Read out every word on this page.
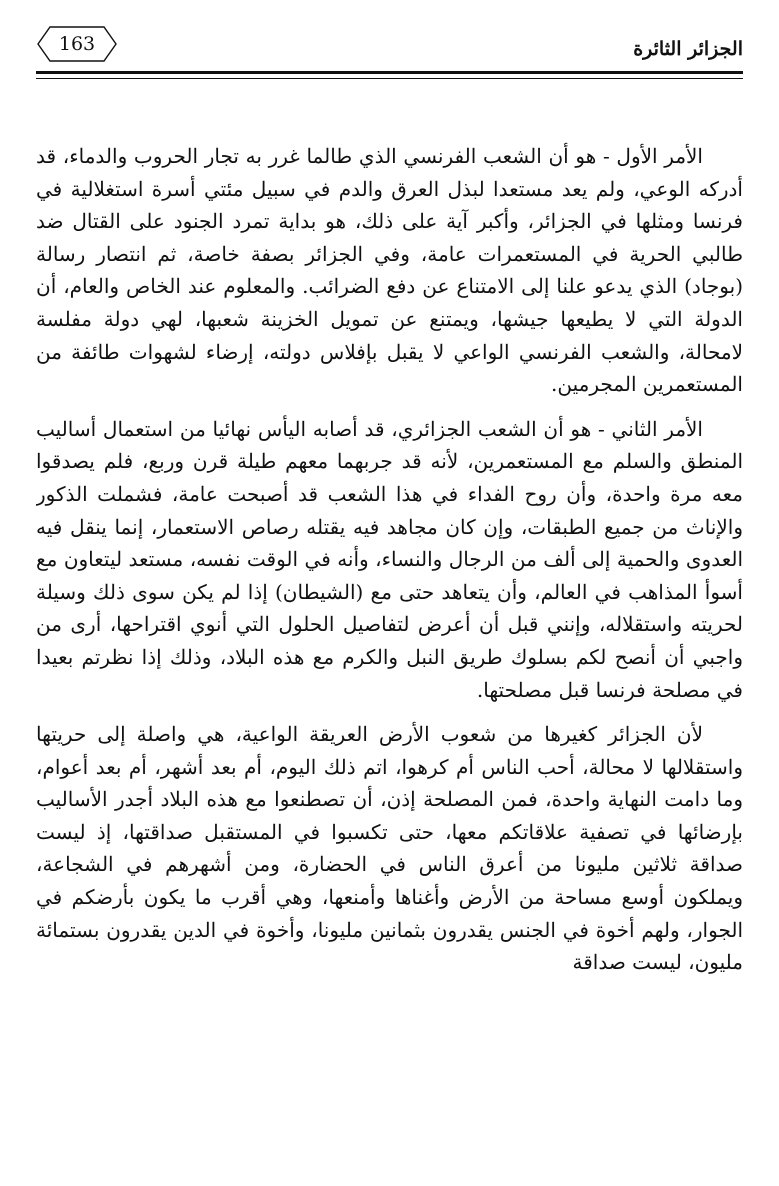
الجزائر الثائرة
163

الأمر الأول - هو أن الشعب الفرنسي الذي طالما غرر به تجار الحروب والدماء، قد أدركه الوعي، ولم يعد مستعدا لبذل العرق والدم في سبيل مئتي أسرة استغلالية في فرنسا ومثلها في الجزائر، وأكبر آية على ذلك، هو بداية تمرد الجنود على القتال ضد طالبي الحرية في المستعمرات عامة، وفي الجزائر بصفة خاصة، ثم انتصار رسالة (بوجاد) الذي يدعو علنا إلى الامتناع عن دفع الضرائب. والمعلوم عند الخاص والعام، أن الدولة التي لا يطيعها جيشها، ويمتنع عن تمويل الخزينة شعبها، لهي دولة مفلسة لامحالة، والشعب الفرنسي الواعي لا يقبل بإفلاس دولته، إرضاء لشهوات طائفة من المستعمرين المجرمين.

الأمر الثاني - هو أن الشعب الجزائري، قد أصابه اليأس نهائيا من استعمال أساليب المنطق والسلم مع المستعمرين، لأنه قد جربهما معهم طيلة قرن وربع، فلم يصدقوا معه مرة واحدة، وأن روح الفداء في هذا الشعب قد أصبحت عامة، فشملت الذكور والإناث من جميع الطبقات، وإن كان مجاهد فيه يقتله رصاص الاستعمار، إنما ينقل فيه العدوى والحمية إلى ألف من الرجال والنساء، وأنه في الوقت نفسه، مستعد ليتعاون مع أسوأ المذاهب في العالم، وأن يتعاهد حتى مع (الشيطان) إذا لم يكن سوى ذلك وسيلة لحريته واستقلاله، وإنني قبل أن أعرض لتفاصيل الحلول التي أنوي اقتراحها، أرى من واجبي أن أنصح لكم بسلوك طريق النبل والكرم مع هذه البلاد، وذلك إذا نظرتم بعيدا في مصلحة فرنسا قبل مصلحتها.

لأن الجزائر كغيرها من شعوب الأرض العريقة الواعية، هي واصلة إلى حريتها واستقلالها لا محالة، أحب الناس أم كرهوا، اتم ذلك اليوم، أم بعد أشهر، أم بعد أعوام، وما دامت النهاية واحدة، فمن المصلحة إذن، أن تصطنعوا مع هذه البلاد أجدر الأساليب بإرضائها في تصفية علاقاتكم معها، حتى تكسبوا في المستقبل صداقتها، إذ ليست صداقة ثلاثين مليونا من أعرق الناس في الحضارة، ومن أشهرهم في الشجاعة، ويملكون أوسع مساحة من الأرض وأغناها وأمنعها، وهي أقرب ما يكون بأرضكم في الجوار، ولهم أخوة في الجنس يقدرون بثمانين مليونا، وأخوة في الدين يقدرون بستمائة مليون، ليست صداقة
